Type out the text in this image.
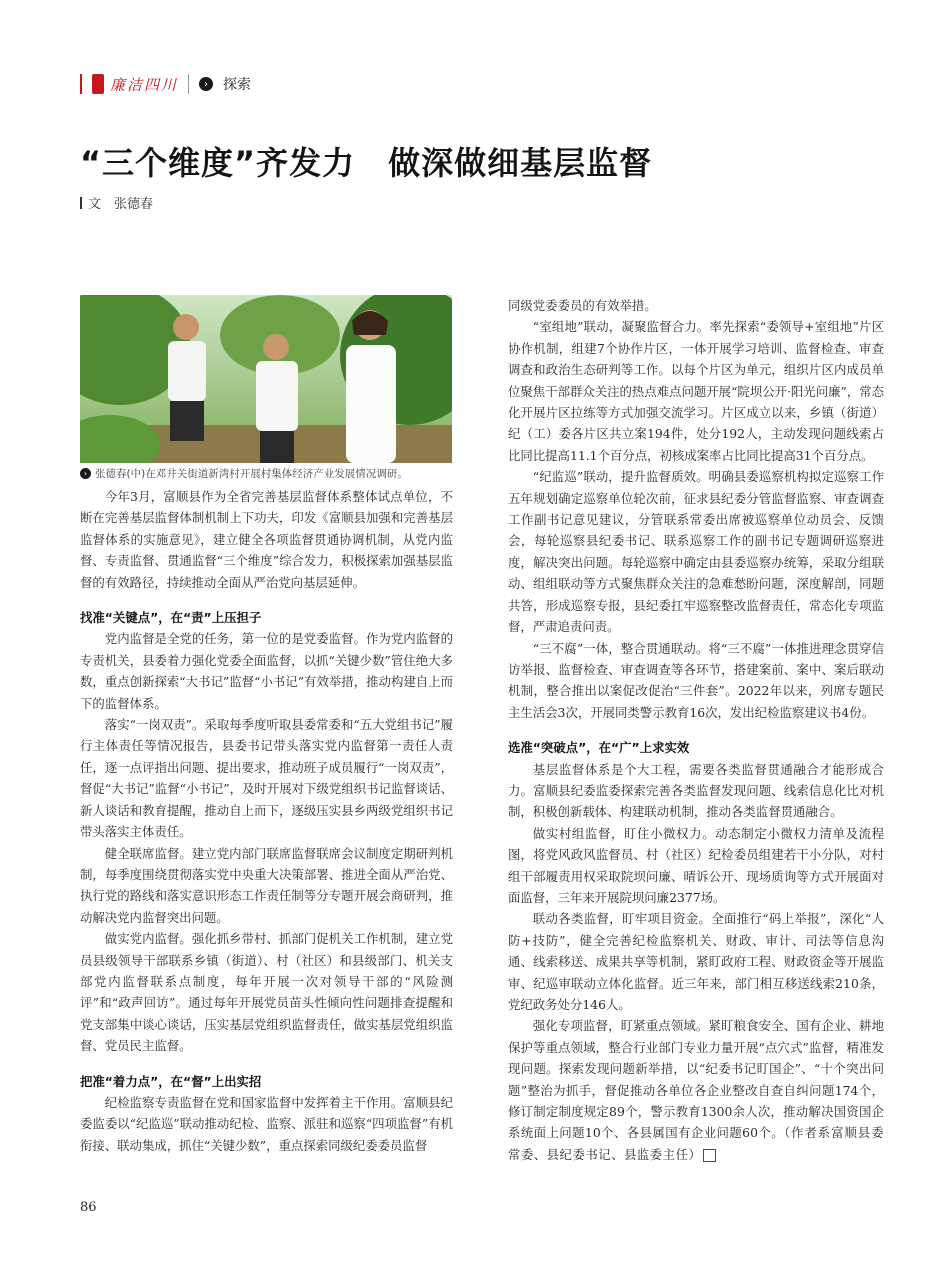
廉洁四川	›	探索
“三个维度”齐发力　做深做细基层监督
文　张德春
› 张德春(中)在邓井关街道新湾村开展村集体经济产业发展情况调研。

今年3月，富顺县作为全省完善基层监督体系整体试点单位，不断在完善基层监督体制机制上下功夫，印发《富顺县加强和完善基层监督体系的实施意见》，建立健全各项监督贯通协调机制，从党内监督、专责监督、贯通监督“三个维度”综合发力，积极探索加强基层监督的有效路径，持续推动全面从严治党向基层延伸。

找准“关键点”，在“责”上压担子

党内监督是全党的任务，第一位的是党委监督。作为党内监督的专责机关，县委着力强化党委全面监督，以抓“关键少数”管住绝大多数，重点创新探索“大书记”监督“小书记”有效举措，推动构建自上而下的监督体系。

落实“一岗双责”。采取每季度听取县委常委和“五大党组书记”履行主体责任等情况报告，县委书记带头落实党内监督第一责任人责任，逐一点评指出问题、提出要求，推动班子成员履行“一岗双责”，督促“大书记”监督“小书记”，及时开展对下级党组织书记监督谈话、新人谈话和教育提醒，推动自上而下，逐级压实县乡两级党组织书记带头落实主体责任。

健全联席监督。建立党内部门联席监督联席会议制度定期研判机制，每季度围绕贯彻落实党中央重大决策部署、推进全面从严治党、执行党的路线和落实意识形态工作责任制等分专题开展会商研判，推动解决党内监督突出问题。

做实党内监督。强化抓乡带村、抓部门促机关工作机制，建立党员县级领导干部联系乡镇（街道）、村（社区）和县级部门、机关支部党内监督联系点制度，每年开展一次对领导干部的“风险测评”和“政声回访”。通过每年开展党员苗头性倾向性问题排查提醒和党支部集中谈心谈话，压实基层党组织监督责任，做实基层党组织监督、党员民主监督。

把准“着力点”，在“督”上出实招

纪检监察专责监督在党和国家监督中发挥着主干作用。富顺县纪委监委以“纪监巡”联动推动纪检、监察、派驻和巡察“四项监督”有机衔接、联动集成，抓住“关键少数”，重点探索同级纪委委员监督

同级党委委员的有效举措。

“室组地”联动，凝聚监督合力。率先探索“委领导+室组地”片区协作机制，组建7个协作片区，一体开展学习培训、监督检查、审查调查和政治生态研判等工作。以每个片区为单元，组织片区内成员单位聚焦干部群众关注的热点难点问题开展“院坝公开·阳光问廉”，常态化开展片区拉练等方式加强交流学习。片区成立以来，乡镇（街道）纪（工）委各片区共立案194件，处分192人，主动发现问题线索占比同比提高11.1个百分点，初核成案率占比同比提高31个百分点。

“纪监巡”联动，提升监督质效。明确县委巡察机构拟定巡察工作五年规划确定巡察单位轮次前，征求县纪委分管监督监察、审查调查工作副书记意见建议，分管联系常委出席被巡察单位动员会、反馈会，每轮巡察县纪委书记、联系巡察工作的副书记专题调研巡察进度，解决突出问题。每轮巡察中确定由县委巡察办统筹，采取分组联动、组组联动等方式聚焦群众关注的急难愁盼问题，深度解剖，同题共答，形成巡察专报，县纪委扛牢巡察整改监督责任，常态化专项监督，严肃追责问责。

“三不腐”一体，整合贯通联动。将“三不腐”一体推进理念贯穿信访举报、监督检查、审查调查等各环节，搭建案前、案中、案后联动机制，整合推出以案促改促治“三件套”。2022年以来，列席专题民主生活会3次，开展同类警示教育16次，发出纪检监察建议书4份。

选准“突破点”，在“广”上求实效

基层监督体系是个大工程，需要各类监督贯通融合才能形成合力。富顺县纪委监委探索完善各类监督发现问题、线索信息化比对机制，积极创新载体、构建联动机制，推动各类监督贯通融合。

做实村组监督，盯住小微权力。动态制定小微权力清单及流程图，将党风政风监督员、村（社区）纪检委员组建若干小分队，对村组干部履责用权采取院坝问廉、晴诉公开、现场质询等方式开展面对面监督，三年来开展院坝问廉2377场。

联动各类监督，盯牢项目资金。全面推行“码上举报”，深化“人防+技防”，健全完善纪检监察机关、财政、审计、司法等信息沟通、线索移送、成果共享等机制，紧盯政府工程、财政资金等开展监审、纪巡审联动立体化监督。近三年来，部门相互移送线索210条，党纪政务处分146人。

强化专项监督，盯紧重点领域。紧盯粮食安全、国有企业、耕地保护等重点领域，整合行业部门专业力量开展“点穴式”监督，精准发现问题。探索发现问题新举措，以“纪委书记盯国企”、“十个突出问题”整治为抓手，督促推动各单位各企业整改自查自纠问题174个，修订制定制度规定89个，警示教育1300余人次，推动解决国资国企系统面上问题10个、各县属国有企业问题60个。（作者系富顺县委常委、县纪委书记、县监委主任）

86
